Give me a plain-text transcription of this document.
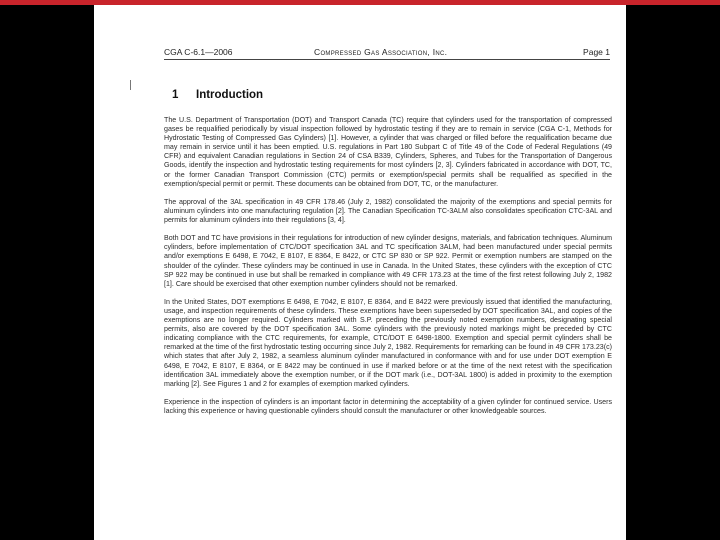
CGA C-6.1—2006	Compressed Gas Association, Inc.	Page 1
1 Introduction

The U.S. Department of Transportation (DOT) and Transport Canada (TC) require that cylinders used for the transportation of compressed gases be requalified periodically by visual inspection followed by hydrostatic testing if they are to remain in service (CGA C-1, Methods for Hydrostatic Testing of Compressed Gas Cylinders) [1]. However, a cylinder that was charged or filled before the requalification became due may remain in service until it has been emptied. U.S. regulations in Part 180 Subpart C of Title 49 of the Code of Federal Regulations (49 CFR) and equivalent Canadian regulations in Section 24 of CSA B339, Cylinders, Spheres, and Tubes for the Transportation of Dangerous Goods, identify the inspection and hydrostatic testing requirements for most cylinders [2, 3]. Cylinders fabricated in accordance with DOT, TC, or the former Canadian Transport Commission (CTC) permits or exemption/special permits shall be requalified as specified in the exemption/special permit or permit. These documents can be obtained from DOT, TC, or the manufacturer.

The approval of the 3AL specification in 49 CFR 178.46 (July 2, 1982) consolidated the majority of the exemptions and special permits for aluminum cylinders into one manufacturing regulation [2]. The Canadian Specification TC-3ALM also consolidates specification CTC-3AL and permits for aluminum cylinders into their regulations [3, 4].

Both DOT and TC have provisions in their regulations for introduction of new cylinder designs, materials, and fabrication techniques. Aluminum cylinders, before implementation of CTC/DOT specification 3AL and TC specification 3ALM, had been manufactured under special permits and/or exemptions E 6498, E 7042, E 8107, E 8364, E 8422, or CTC SP 830 or SP 922. Permit or exemption numbers are stamped on the shoulder of the cylinder. These cylinders may be continued in use in Canada. In the United States, these cylinders with the exception of CTC SP 922 may be continued in use but shall be remarked in compliance with 49 CFR 173.23 at the time of the first retest following July 2, 1982 [1]. Care should be exercised that other exemption number cylinders should not be remarked.

In the United States, DOT exemptions E 6498, E 7042, E 8107, E 8364, and E 8422 were previously issued that identified the manufacturing, usage, and inspection requirements of these cylinders. These exemptions have been superseded by DOT specification 3AL, and copies of the exemptions are no longer required. Cylinders marked with S.P. preceding the previously noted exemption numbers, designating special permits, also are covered by the DOT specification 3AL. Some cylinders with the previously noted markings might be preceded by CTC indicating compliance with the CTC requirements, for example, CTC/DOT E 6498-1800. Exemption and special permit cylinders shall be remarked at the time of the first hydrostatic testing occurring since July 2, 1982. Requirements for remarking can be found in 49 CFR 173.23(c) which states that after July 2, 1982, a seamless aluminum cylinder manufactured in conformance with and for use under DOT exemption E 6498, E 7042, E 8107, E 8364, or E 8422 may be continued in use if marked before or at the time of the next retest with the specification identification 3AL immediately above the exemption number, or if the DOT mark (i.e., DOT-3AL 1800) is added in proximity to the exemption marking [2]. See Figures 1 and 2 for examples of exemption marked cylinders.

Experience in the inspection of cylinders is an important factor in determining the acceptability of a given cylinder for continued service. Users lacking this experience or having questionable cylinders should consult the manufacturer or other knowledgeable sources.
